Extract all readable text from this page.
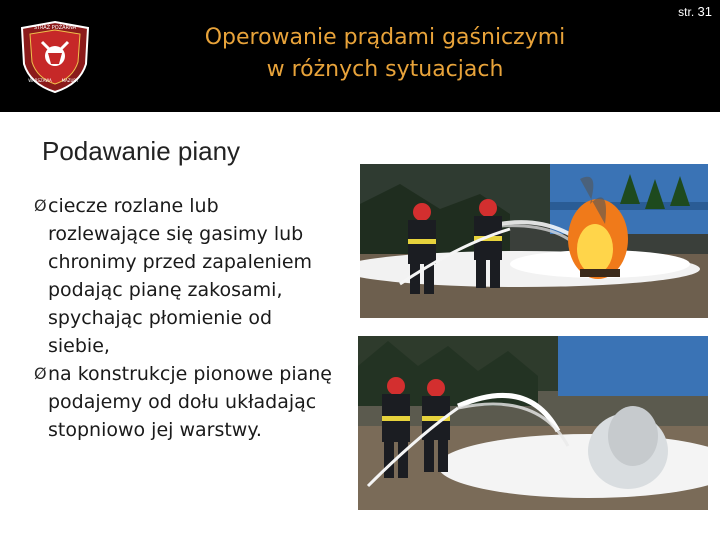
STRAŻ POŻARNA
WARSZAWA MAZURY
Operowanie prądami gaśniczymi
w różnych sytuacjach
str. 31
Podawanie piany
Ø ciecze rozlane lub rozlewające się gasimy lub chronimy przed zapaleniem podając pianę zakosami, spychając płomienie od siebie,
Ø na konstrukcje pionowe pianę podajemy od dołu układając stopniowo jej warstwy.
